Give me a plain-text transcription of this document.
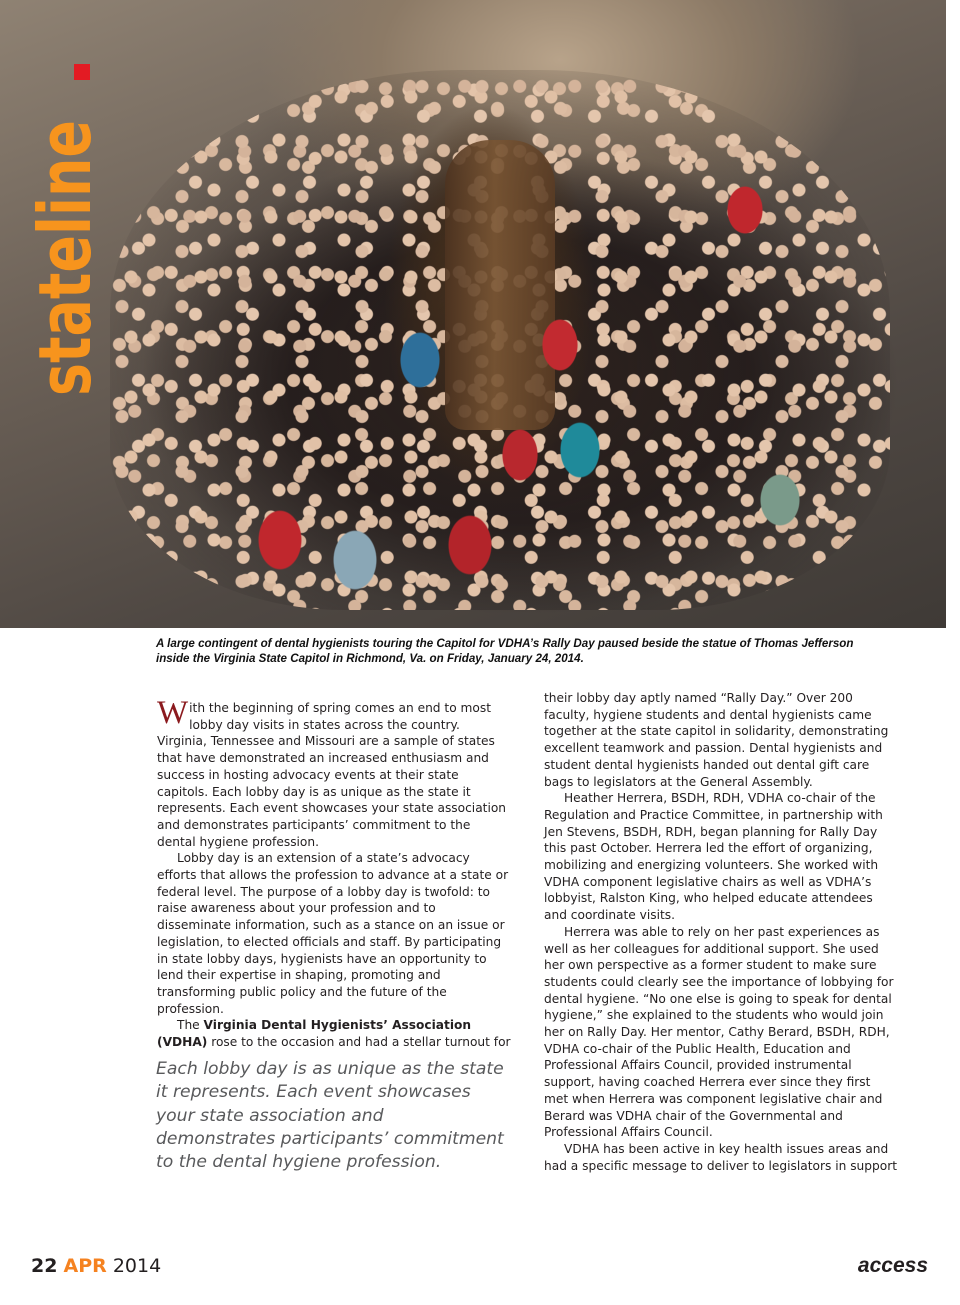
stateline

A large contingent of dental hygienists touring the Capitol for VDHA’s Rally Day paused beside the statue of Thomas Jefferson

inside the Virginia State Capitol in Richmond, Va. on Friday, January 24, 2014.

With the beginning of spring comes an end to most lobby day visits in states across the country. Virginia, Tennessee and Missouri are a sample of states that have demonstrated an increased enthusiasm and success in hosting advocacy events at their state capitols. Each lobby day is as unique as the state it represents. Each event showcases your state association and demonstrates participants’ commitment to the dental hygiene profession.

Lobby day is an extension of a state’s advocacy efforts that allows the profession to advance at a state or federal level. The purpose of a lobby day is twofold: to raise awareness about your profession and to disseminate information, such as a stance on an issue or legislation, to elected officials and staff. By participating in state lobby days, hygienists have an opportunity to lend their expertise in shaping, promoting and transforming public policy and the future of the profession.

The Virginia Dental Hygienists’ Association (VDHA) rose to the occasion and had a stellar turnout for

Each lobby day is as unique as the state it represents. Each event showcases your state association and demonstrates participants’ commitment to the dental hygiene profession.

their lobby day aptly named “Rally Day.” Over 200 faculty, hygiene students and dental hygienists came together at the state capitol in solidarity, demonstrating excellent teamwork and passion. Dental hygienists and student dental hygienists handed out dental gift care bags to legislators at the General Assembly.

Heather Herrera, BSDH, RDH, VDHA co-chair of the Regulation and Practice Committee, in partnership with Jen Stevens, BSDH, RDH, began planning for Rally Day this past October. Herrera led the effort of organizing, mobilizing and energizing volunteers. She worked with VDHA component legislative chairs as well as VDHA’s lobbyist, Ralston King, who helped educate attendees and coordinate visits.

Herrera was able to rely on her past experiences as well as her colleagues for additional support. She used her own perspective as a former student to make sure students could clearly see the importance of lobbying for dental hygiene. “No one else is going to speak for dental hygiene,” she explained to the students who would join her on Rally Day. Her mentor, Cathy Berard, BSDH, RDH, VDHA co-chair of the Public Health, Education and Professional Affairs Council, provided instrumental support, having coached Herrera ever since they first met when Herrera was component legislative chair and Berard was VDHA chair of the Governmental and Professional Affairs Council.

VDHA has been active in key health issues areas and had a specific message to deliver to legislators in support

22 APR 2014	access
